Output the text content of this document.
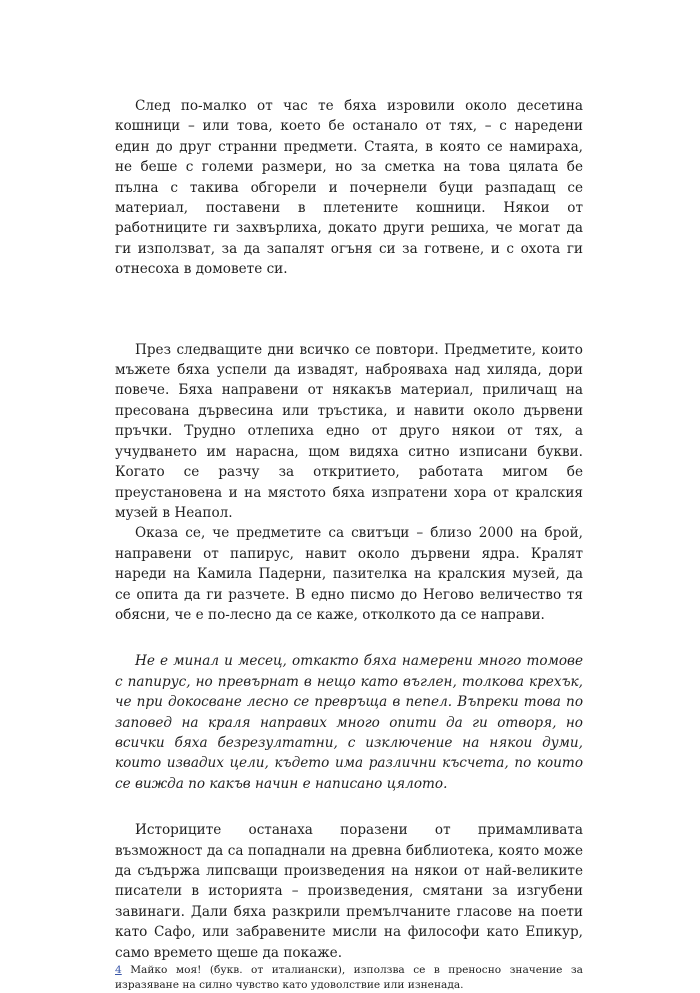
След по-малко от час те бяха изровили около десетина кошници – или това, което бе останало от тях, – с наредени един до друг странни предмети. Стаята, в която се намираха, не беше с големи размери, но за сметка на това цялата бе пълна с такива обгорели и почернели буци разпадащ се материал, поставени в плетените кошници. Някои от работниците ги захвърлиха, докато други решиха, че могат да ги използват, за да запалят огъня си за готвене, и с охота ги отнесоха в домовете си.

През следващите дни всичко се повтори. Предметите, които мъжете бяха успели да извадят, наброяваха над хиляда, дори повече. Бяха направени от някакъв материал, приличащ на пресована дървесина или тръстика, и навити около дървени пръчки. Трудно отлепиха едно от друго някои от тях, а учудването им нарасна, щом видяха ситно изписани букви. Когато се разчу за откритието, работата мигом бе преустановена и на мястото бяха изпратени хора от кралския музей в Неапол.

Оказа се, че предметите са свитъци – близо 2000 на брой, направени от папирус, навит около дървени ядра. Кралят нареди на Камила Падерни, пазителка на кралския музей, да се опита да ги разчете. В едно писмо до Негово величество тя обясни, че е по-лесно да се каже, отколкото да се направи.

Не е минал и месец, откакто бяха намерени много томове с папирус, но превърнат в нещо като въглен, толкова крехък, че при докосване лесно се превръща в пепел. Въпреки това по заповед на краля направих много опити да ги отворя, но всички бяха безрезултатни, с изключение на някои думи, които извадих цели, където има различни късчета, по които се вижда по какъв начин е написано цялото.

Историците останаха поразени от примамливата възможност да са попаднали на древна библиотека, която може да съдържа липсващи произведения на някои от най-великите писатели в историята – произведения, смятани за изгубени завинаги. Дали бяха разкрили премълчаните гласове на поети като Сафо, или забравените мисли на философи като Епикур, само времето щеше да покаже.

4 Майко моя! (букв. от италиански), използва се в преносно значение за изразяване на силно чувство като удоволствие или изненада.
